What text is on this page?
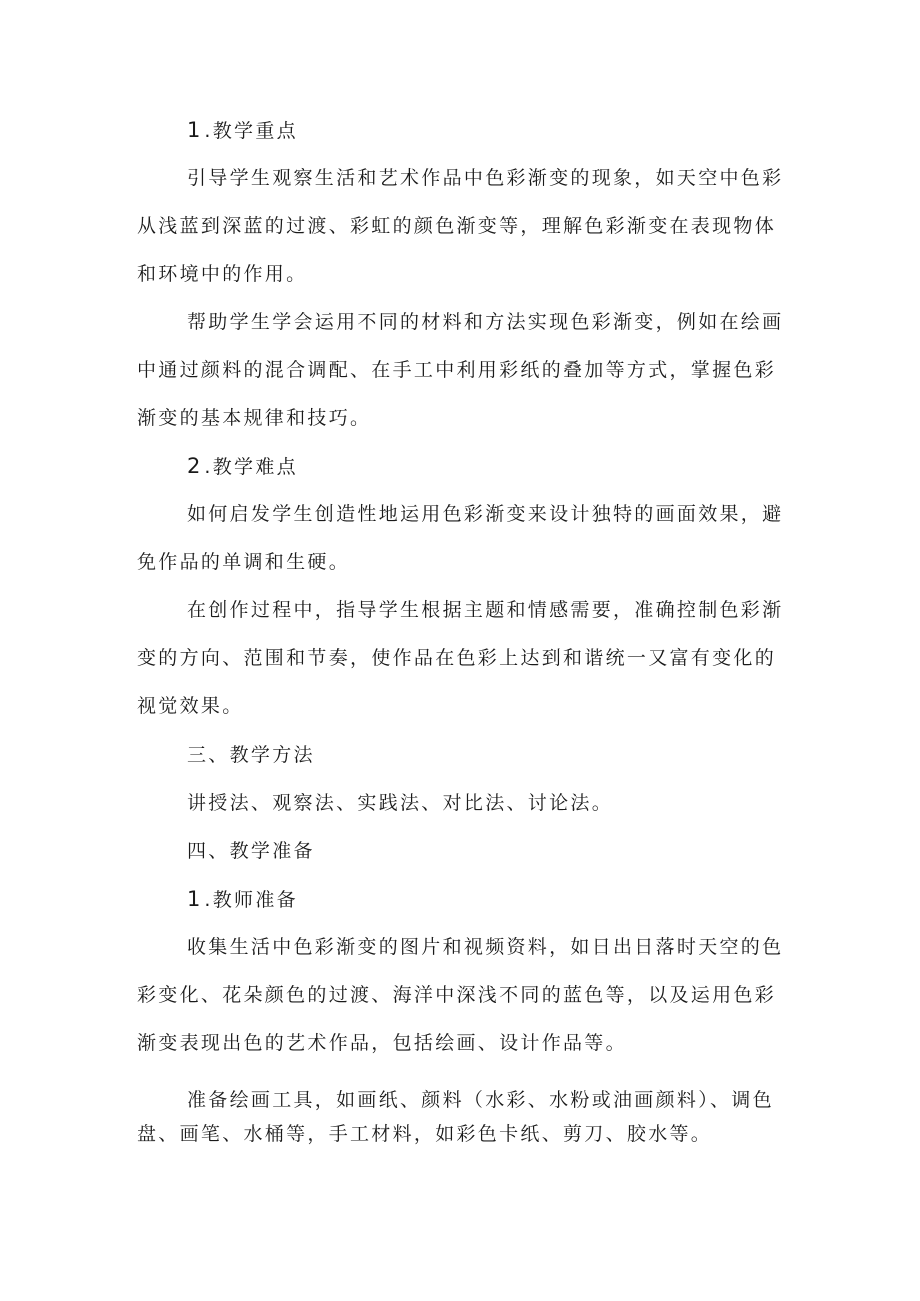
1 .教学重点
引导学生观察生活和艺术作品中色彩渐变的现象，如天空中色彩
从浅蓝到深蓝的过渡、彩虹的颜色渐变等，理解色彩渐变在表现物体
和环境中的作用。
帮助学生学会运用不同的材料和方法实现色彩渐变，例如在绘画
中通过颜料的混合调配、在手工中利用彩纸的叠加等方式，掌握色彩
渐变的基本规律和技巧。
2 .教学难点
如何启发学生创造性地运用色彩渐变来设计独特的画面效果，避
免作品的单调和生硬。
在创作过程中，指导学生根据主题和情感需要，准确控制色彩渐
变的方向、范围和节奏，使作品在色彩上达到和谐统一又富有变化的
视觉效果。
三、教学方法
讲授法、观察法、实践法、对比法、讨论法。
四、教学准备
1 .教师准备
收集生活中色彩渐变的图片和视频资料，如日出日落时天空的色
彩变化、花朵颜色的过渡、海洋中深浅不同的蓝色等，以及运用色彩
渐变表现出色的艺术作品，包括绘画、设计作品等。
准备绘画工具，如画纸、颜料（水彩、水粉或油画颜料）、调色
盘、画笔、水桶等，手工材料，如彩色卡纸、剪刀、胶水等。
